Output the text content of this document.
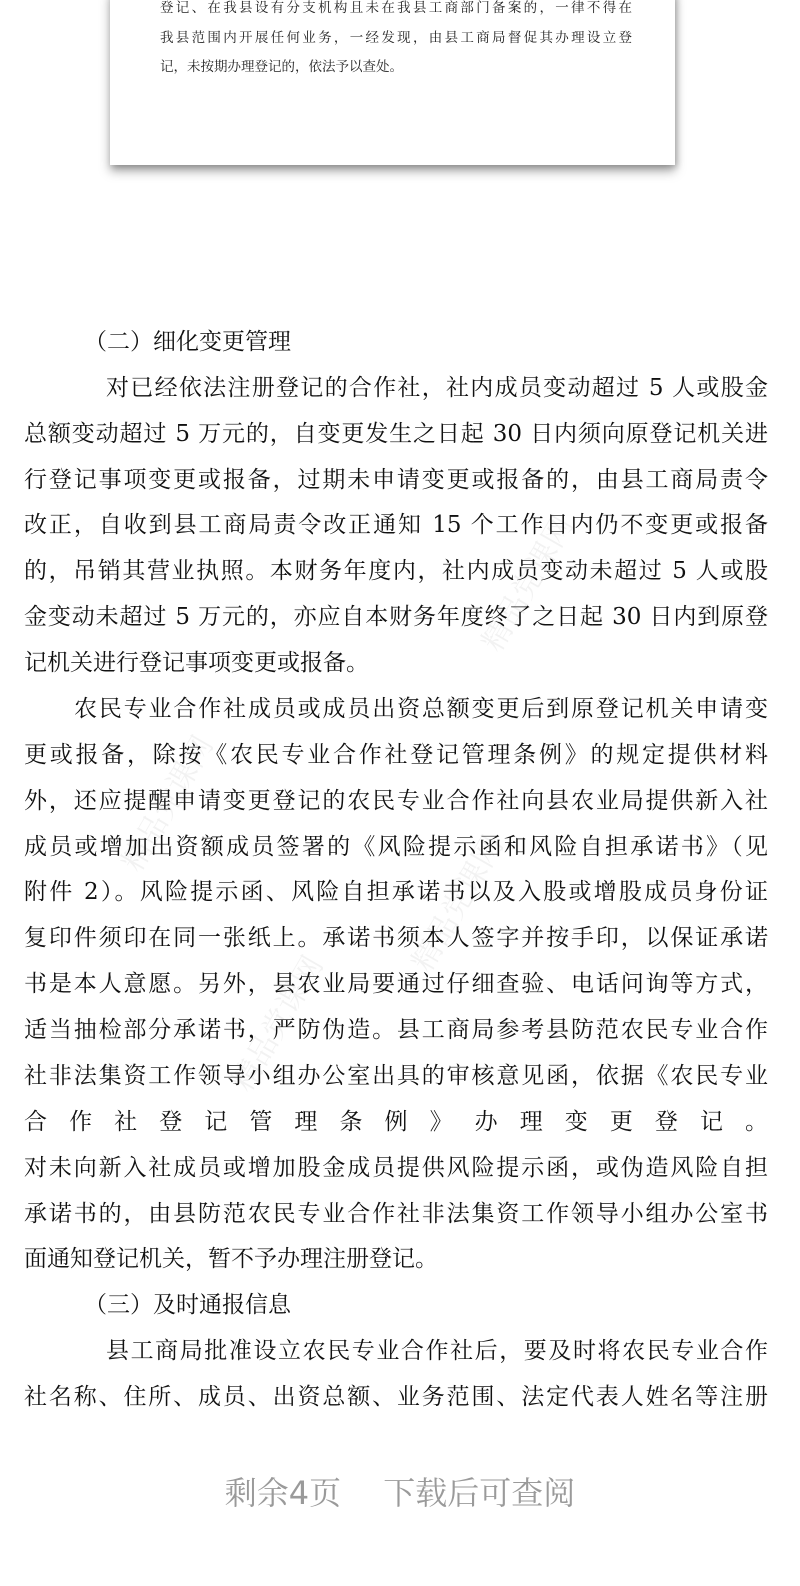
登记、在我县设有分支机构且未在我县工商部门备案的，一律不得在
我县范围内开展任何业务，一经发现，由县工商局督促其办理设立登
记，未按期办理登记的，依法予以查处。
（二）细化变更管理
对已经依法注册登记的合作社，社内成员变动超过 5 人或股金
总额变动超过 5 万元的，自变更发生之日起 30 日内须向原登记机关进
行登记事项变更或报备，过期未申请变更或报备的，由县工商局责令
改正，自收到县工商局责令改正通知 15 个工作日内仍不变更或报备
的，吊销其营业执照。本财务年度内，社内成员变动未超过 5 人或股
金变动未超过 5 万元的，亦应自本财务年度终了之日起 30 日内到原登
记机关进行登记事项变更或报备。
农民专业合作社成员或成员出资总额变更后到原登记机关申请变
更或报备，除按《农民专业合作社登记管理条例》的规定提供材料
外，还应提醒申请变更登记的农民专业合作社向县农业局提供新入社
成员或增加出资额成员签署的《风险提示函和风险自担承诺书》（见
附件 2）。风险提示函、风险自担承诺书以及入股或增股成员身份证
复印件须印在同一张纸上。承诺书须本人签字并按手印，以保证承诺
书是本人意愿。另外，县农业局要通过仔细查验、电话问询等方式，
适当抽检部分承诺书，严防伪造。县工商局参考县防范农民专业合作
社非法集资工作领导小组办公室出具的审核意见函，依据《农民专业
合作社登记管理条例》办理变更登记。
对未向新入社成员或增加股金成员提供风险提示函，或伪造风险自担
承诺书的，由县防范农民专业合作社非法集资工作领导小组办公室书
面通知登记机关，暂不予办理注册登记。
（三）及时通报信息
县工商局批准设立农民专业合作社后，要及时将农民专业合作
社名称、住所、成员、出资总额、业务范围、法定代表人姓名等注册
剩余4页 下载后可查阅
精品党课网
精品党课网
精品党课网
精品党课网
